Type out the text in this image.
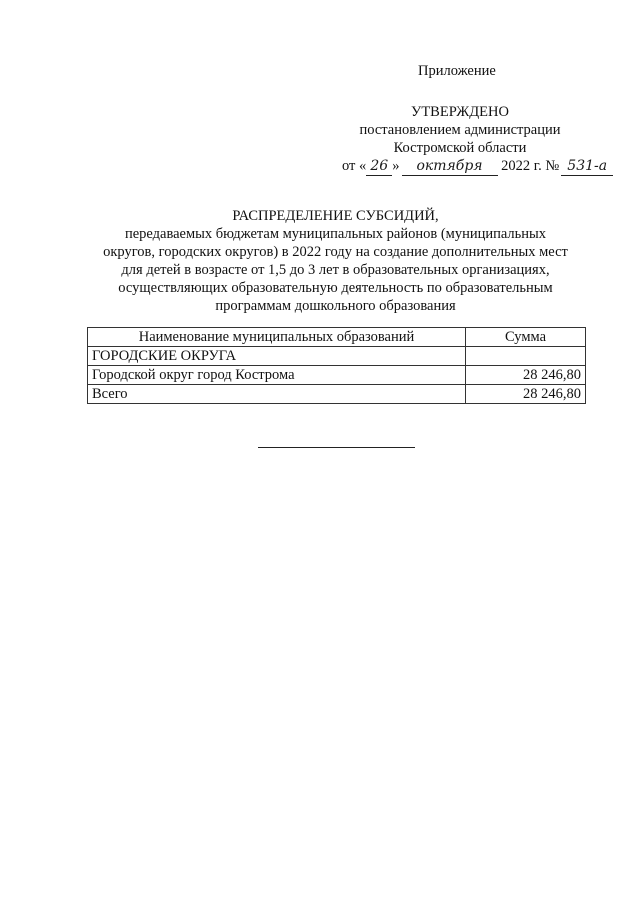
Приложение
УТВЕРЖДЕНО
постановлением администрации
Костромской области
от « 26 » октября 2022 г. № 531-а
РАСПРЕДЕЛЕНИЕ СУБСИДИЙ,
передаваемых бюджетам муниципальных районов (муниципальных
округов, городских округов) в 2022 году на создание дополнительных мест
для детей в возрасте от 1,5 до 3 лет в образовательных организациях,
осуществляющих образовательную деятельность по образовательным
программам дошкольного образования
Наименование муниципальных образований	Сумма
ГОРОДСКИЕ ОКРУГА	
Городской округ город Кострома	28 246,80
Всего	28 246,80
